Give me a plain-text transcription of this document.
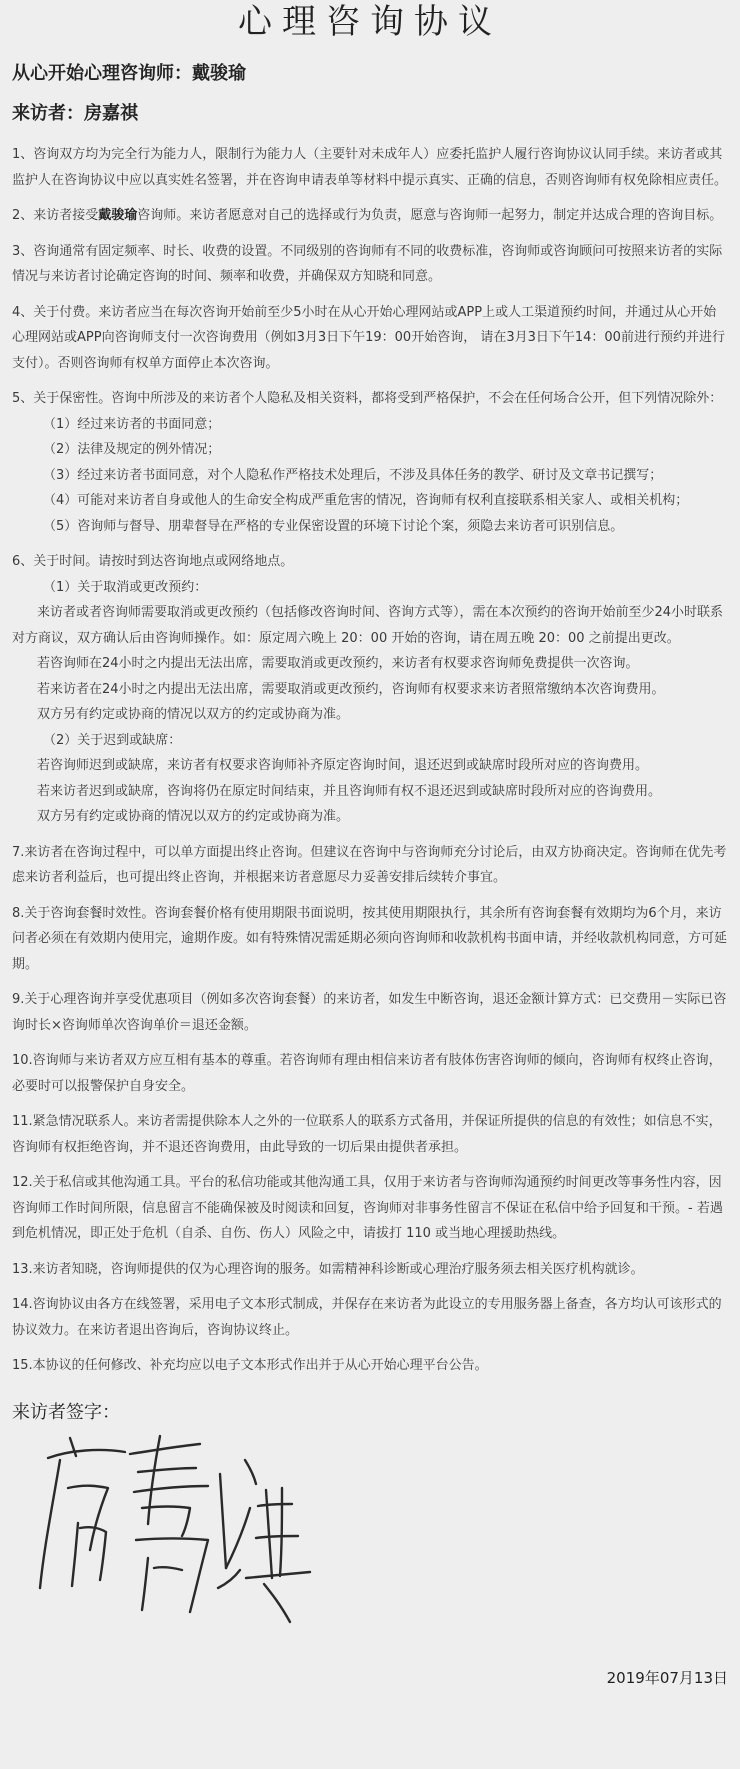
心理咨询协议
从心开始心理咨询师：戴骏瑜
来访者：房嘉祺

1、咨询双方均为完全行为能力人，限制行为能力人（主要针对未成年人）应委托监护人履行咨询协议认同手续。来访者或其监护人在咨询协议中应以真实姓名签署，并在咨询申请表单等材料中提示真实、正确的信息，否则咨询师有权免除相应责任。

2、来访者接受戴骏瑜咨询师。来访者愿意对自己的选择或行为负责，愿意与咨询师一起努力，制定并达成合理的咨询目标。

3、咨询通常有固定频率、时长、收费的设置。不同级别的咨询师有不同的收费标准，咨询师或咨询顾问可按照来访者的实际情况与来访者讨论确定咨询的时间、频率和收费，并确保双方知晓和同意。

4、关于付费。来访者应当在每次咨询开始前至少5小时在从心开始心理网站或APP上或人工渠道预约时间，并通过从心开始心理网站或APP向咨询师支付一次咨询费用（例如3月3日下午19：00开始咨询， 请在3月3日下午14：00前进行预约并进行支付）。否则咨询师有权单方面停止本次咨询。

5、关于保密性。咨询中所涉及的来访者个人隐私及相关资料，都将受到严格保护，不会在任何场合公开，但下列情况除外：

（1）经过来访者的书面同意；

（2）法律及规定的例外情况；

（3）经过来访者书面同意，对个人隐私作严格技术处理后，不涉及具体任务的教学、研讨及文章书记撰写；

（4）可能对来访者自身或他人的生命安全构成严重危害的情况，咨询师有权利直接联系相关家人、或相关机构；

（5）咨询师与督导、朋辈督导在严格的专业保密设置的环境下讨论个案，须隐去来访者可识别信息。

6、关于时间。请按时到达咨询地点或网络地点。

（1）关于取消或更改预约：

来访者或者咨询师需要取消或更改预约（包括修改咨询时间、咨询方式等），需在本次预约的咨询开始前至少24小时联系对方商议，双方确认后由咨询师操作。如：原定周六晚上 20：00 开始的咨询，请在周五晚 20：00 之前提出更改。

若咨询师在24小时之内提出无法出席，需要取消或更改预约，来访者有权要求咨询师免费提供一次咨询。

若来访者在24小时之内提出无法出席，需要取消或更改预约，咨询师有权要求来访者照常缴纳本次咨询费用。

双方另有约定或协商的情况以双方的约定或协商为准。

（2）关于迟到或缺席：

若咨询师迟到或缺席，来访者有权要求咨询师补齐原定咨询时间，退还迟到或缺席时段所对应的咨询费用。

若来访者迟到或缺席，咨询将仍在原定时间结束，并且咨询师有权不退还迟到或缺席时段所对应的咨询费用。

双方另有约定或协商的情况以双方的约定或协商为准。

7.来访者在咨询过程中，可以单方面提出终止咨询。但建议在咨询中与咨询师充分讨论后，由双方协商决定。咨询师在优先考虑来访者利益后，也可提出终止咨询，并根据来访者意愿尽力妥善安排后续转介事宜。

8.关于咨询套餐时效性。咨询套餐价格有使用期限书面说明，按其使用期限执行，其余所有咨询套餐有效期均为6个月，来访问者必须在有效期内使用完，逾期作废。如有特殊情况需延期必须向咨询师和收款机构书面申请，并经收款机构同意，方可延期。

9.关于心理咨询并享受优惠项目（例如多次咨询套餐）的来访者，如发生中断咨询，退还金额计算方式：已交费用－实际已咨询时长×咨询师单次咨询单价＝退还金额。

10.咨询师与来访者双方应互相有基本的尊重。若咨询师有理由相信来访者有肢体伤害咨询师的倾向，咨询师有权终止咨询， 必要时可以报警保护自身安全。

11.紧急情况联系人。来访者需提供除本人之外的一位联系人的联系方式备用，并保证所提供的信息的有效性；如信息不实，咨询师有权拒绝咨询，并不退还咨询费用，由此导致的一切后果由提供者承担。

12.关于私信或其他沟通工具。平台的私信功能或其他沟通工具，仅用于来访者与咨询师沟通预约时间更改等事务性内容，因咨询师工作时间所限，信息留言不能确保被及时阅读和回复，咨询师对非事务性留言不保证在私信中给予回复和干预。- 若遇到危机情况，即正处于危机（自杀、自伤、伤人）风险之中，请拔打 110 或当地心理援助热线。

13.来访者知晓，咨询师提供的仅为心理咨询的服务。如需精神科诊断或心理治疗服务须去相关医疗机构就诊。

14.咨询协议由各方在线签署，采用电子文本形式制成，并保存在来访者为此设立的专用服务器上备查，各方均认可该形式的协议效力。在来访者退出咨询后，咨询协议终止。

15.本协议的任何修改、补充均应以电子文本形式作出并于从心开始心理平台公告。

来访者签字：
2019年07月13日
